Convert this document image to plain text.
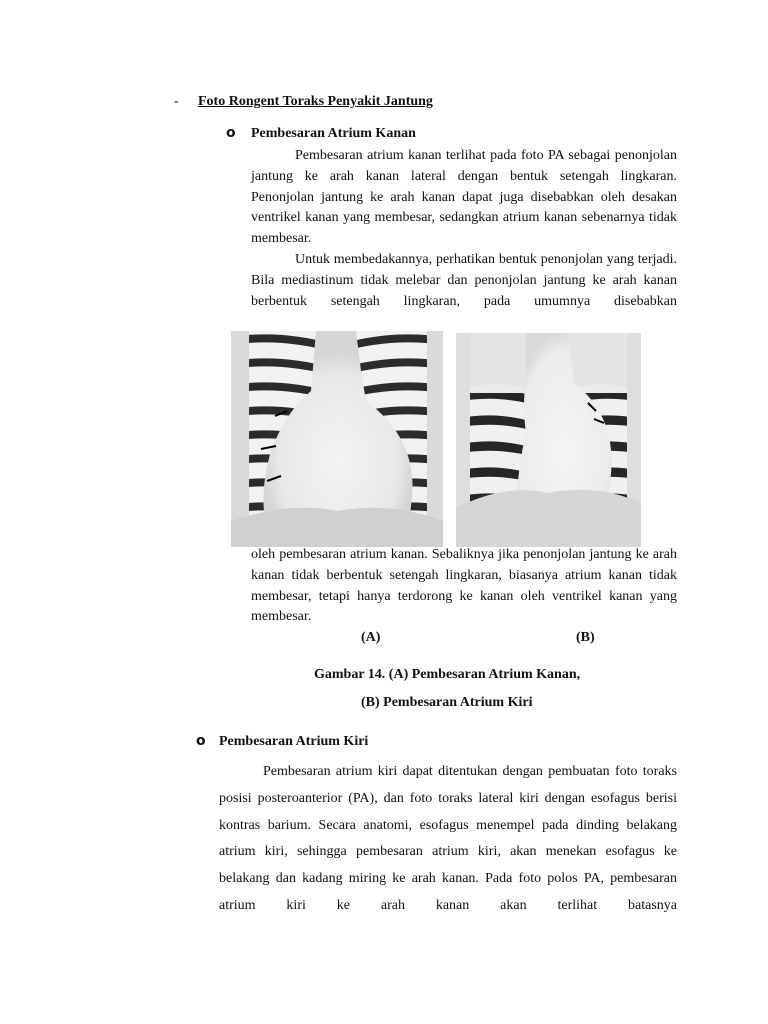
- Foto Rongent Toraks Penyakit Jantung
o Pembesaran Atrium Kanan
Pembesaran atrium kanan terlihat pada foto PA sebagai penonjolan jantung ke arah kanan lateral dengan bentuk setengah lingkaran. Penonjolan jantung ke arah kanan dapat juga disebabkan oleh desakan ventrikel kanan yang membesar, sedangkan atrium kanan sebenarnya tidak membesar.
Untuk membedakannya, perhatikan bentuk penonjolan yang terjadi. Bila mediastinum tidak melebar dan penonjolan jantung ke arah kanan berbentuk setengah lingkaran, pada umumnya disebabkan
oleh pembesaran atrium kanan. Sebaliknya jika penonjolan jantung ke arah kanan tidak berbentuk setengah lingkaran, biasanya atrium kanan tidak membesar, tetapi hanya terdorong ke kanan oleh ventrikel kanan yang membesar.
(A)	(B)
Gambar 14. (A) Pembesaran Atrium Kanan,
(B) Pembesaran Atrium Kiri
o Pembesaran Atrium Kiri
Pembesaran atrium kiri dapat ditentukan dengan pembuatan foto toraks posisi posteroanterior (PA), dan foto toraks lateral kiri dengan esofagus berisi kontras barium. Secara anatomi, esofagus menempel pada dinding belakang atrium kiri, sehingga pembesaran atrium kiri, akan menekan esofagus ke belakang dan kadang miring ke arah kanan. Pada foto polos PA, pembesaran atrium kiri ke arah kanan akan terlihat batasnya
